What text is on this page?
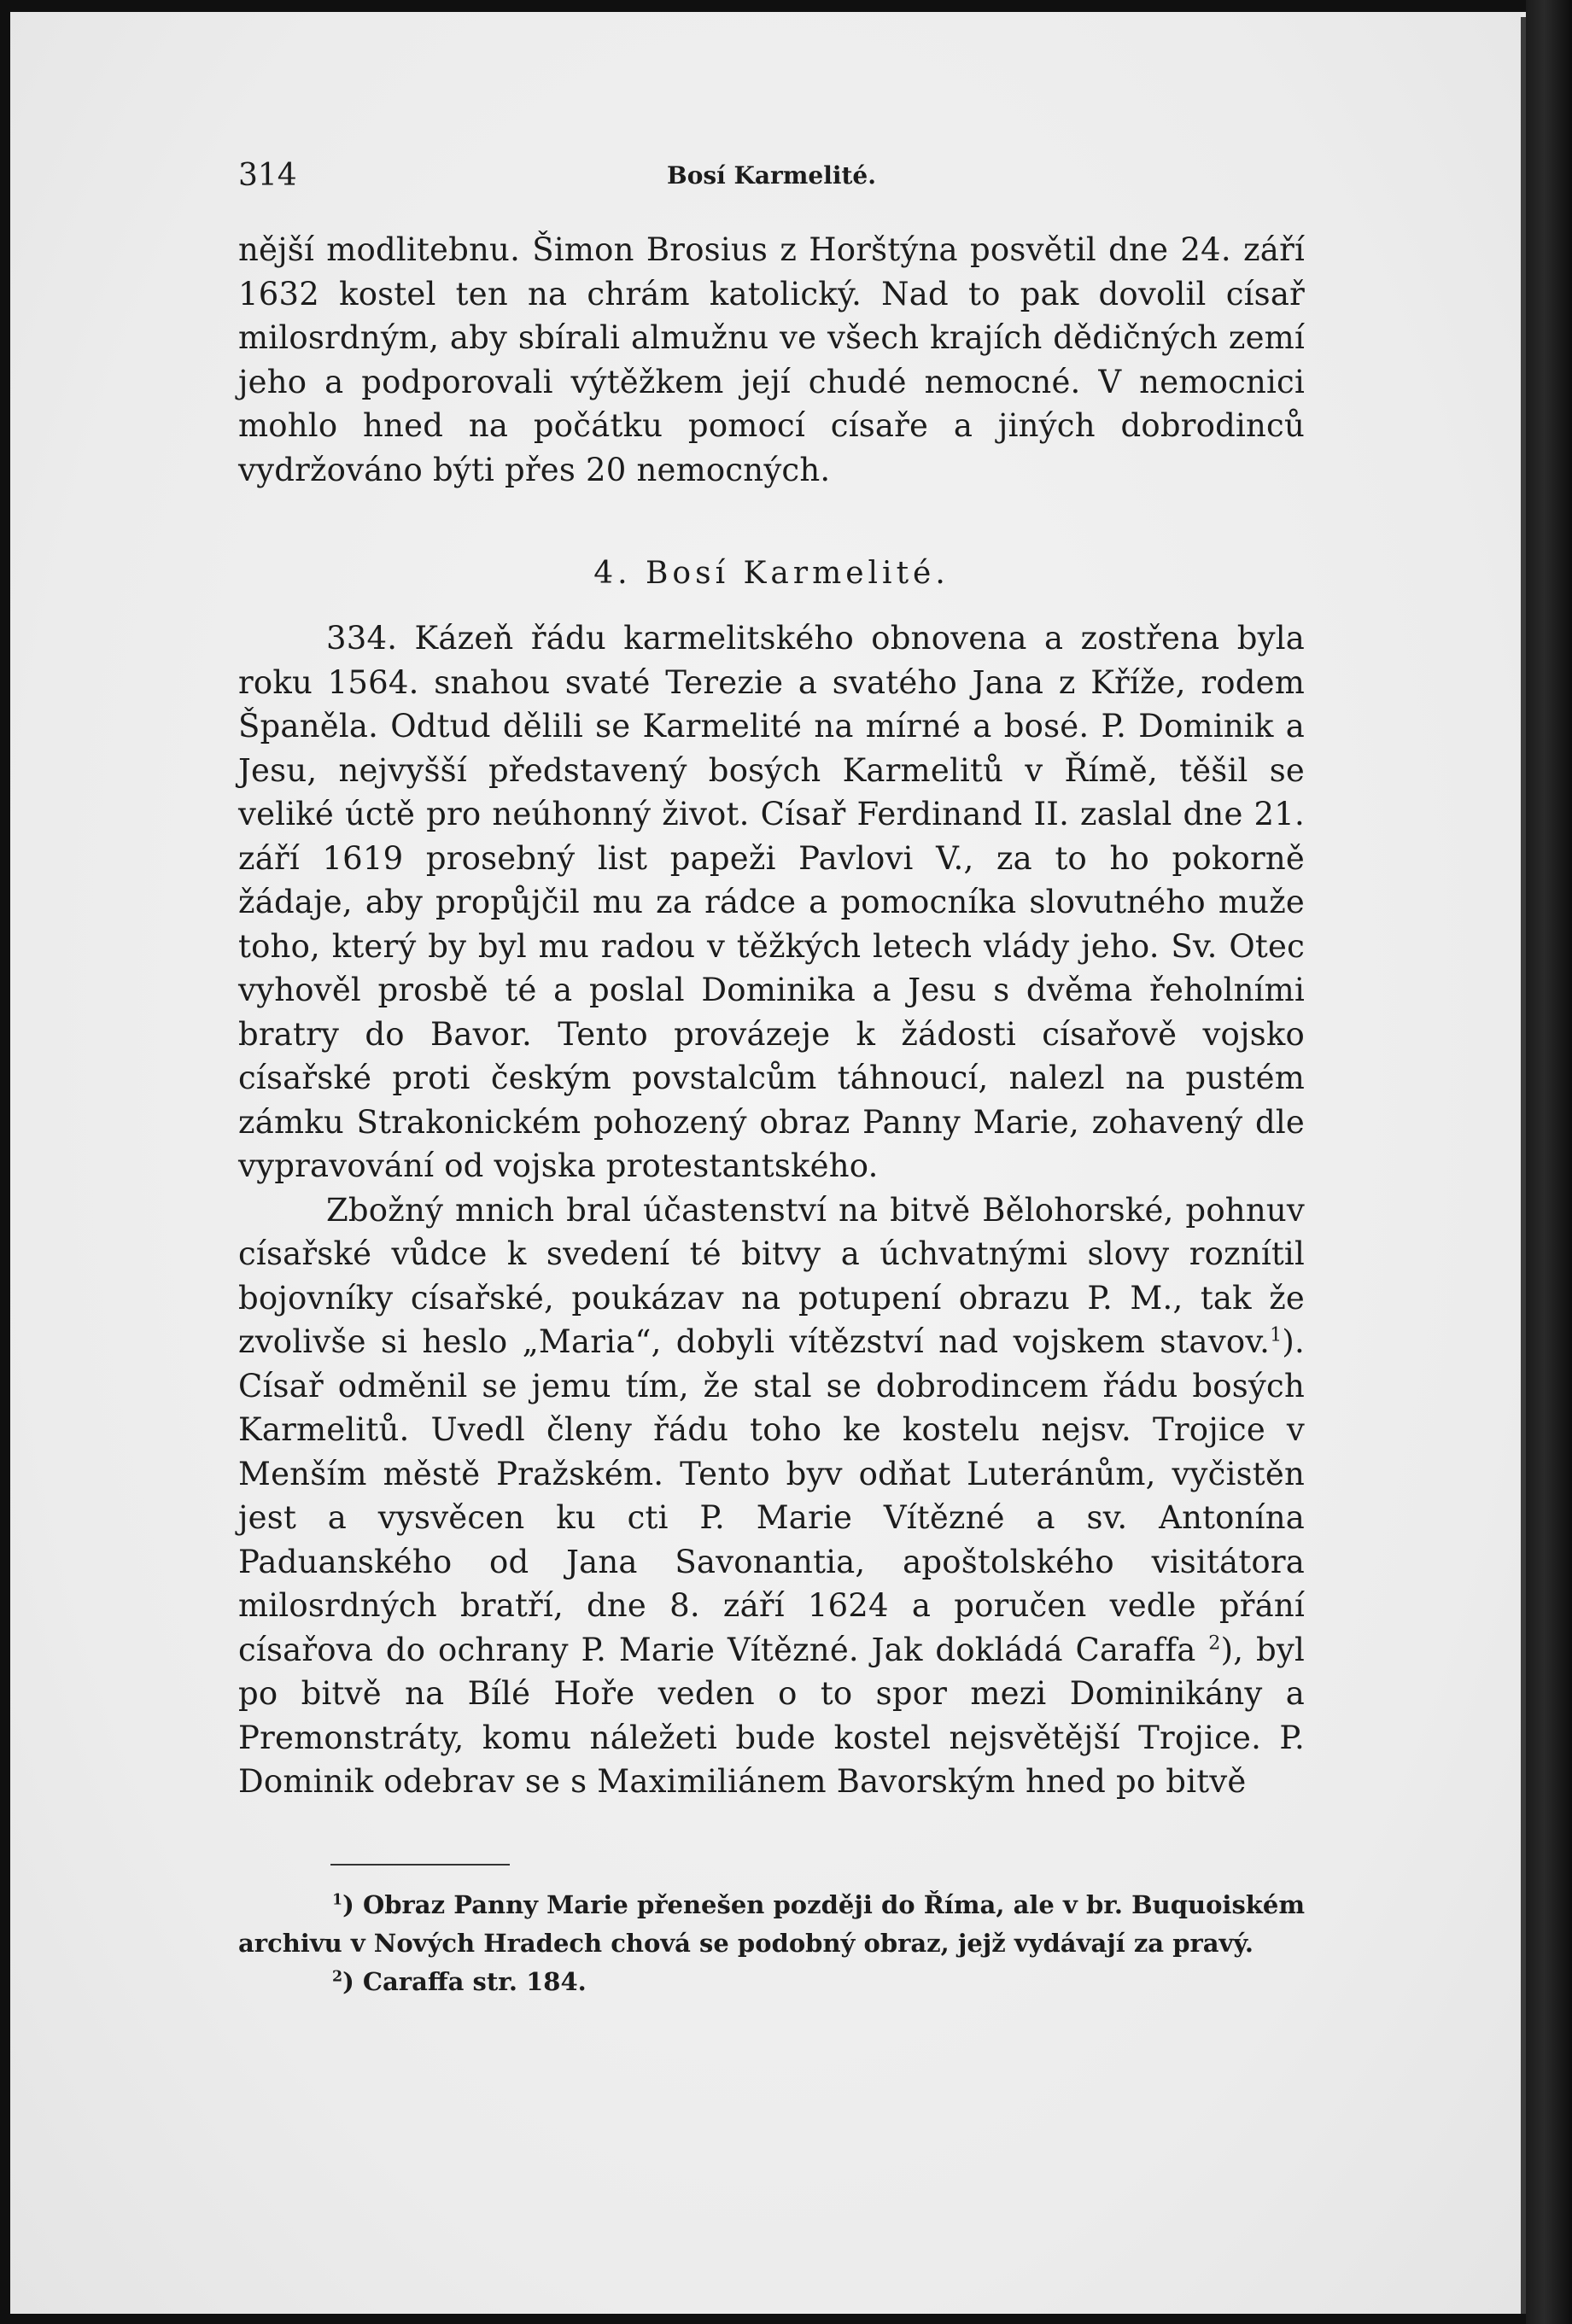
314	Bosí Karmelité.

nější modlitebnu. Šimon Brosius z Horštýna posvětil dne 24. září 1632 kostel ten na chrám katolický. Nad to pak dovolil císař milosrdným, aby sbírali almužnu ve všech krajích dědičných zemí jeho a podporovali výtěžkem její chudé nemocné. V nemocnici mohlo hned na počátku pomocí císaře a jiných dobrodinců vydržováno býti přes 20 nemocných.

4. Bosí Karmelité.

334. Kázeň řádu karmelitského obnovena a zostřena byla roku 1564. snahou svaté Terezie a svatého Jana z Kříže, rodem Španěla. Odtud dělili se Karmelité na mírné a bosé. P. Dominik a Jesu, nejvyšší představený bosých Karmelitů v Římě, těšil se veliké úctě pro neúhonný život. Císař Ferdinand II. zaslal dne 21. září 1619 prosebný list papeži Pavlovi V., za to ho pokorně žádaje, aby propůjčil mu za rádce a pomocníka slovutného muže toho, který by byl mu radou v těžkých letech vlády jeho. Sv. Otec vyhověl prosbě té a poslal Dominika a Jesu s dvěma řeholními bratry do Bavor. Tento provázeje k žádosti císařově vojsko císařské proti českým povstalcům táhnoucí, nalezl na pustém zámku Strakonickém pohozený obraz Panny Marie, zohavený dle vypravování od vojska protestantského.

Zbožný mnich bral účastenství na bitvě Bělohorské, pohnuv císařské vůdce k svedení té bitvy a úchvatnými slovy roznítil bojovníky císařské, poukázav na potupení obrazu P. M., tak že zvolivše si heslo „Maria“, dobyli vítězství nad vojskem stavov.$^1$). Císař odměnil se jemu tím, že stal se dobrodincem řádu bosých Karmelitů. Uvedl členy řádu toho ke kostelu nejsv. Trojice v Menším městě Pražském. Tento byv odňat Luteránům, vyčistěn jest a vysvěcen ku cti P. Marie Vítězné a sv. Antonína Paduanského od Jana Savonantia, apoštolského visitátora milosrdných bratří, dne 8. září 1624 a poručen vedle přání císařova do ochrany P. Marie Vítězné. Jak dokládá Caraffa $^2$), byl po bitvě na Bílé Hoře veden o to spor mezi Dominikány a Premonstráty, komu náležeti bude kostel nejsvětější Trojice. P. Dominik odebrav se s Maximiliánem Bavorským hned po bitvě

$^1$) Obraz Panny Marie přenešen později do Říma, ale v br. Buquoiském archivu v Nových Hradech chová se podobný obraz, jejž vydávají za pravý.

$^2$) Caraffa str. 184.
